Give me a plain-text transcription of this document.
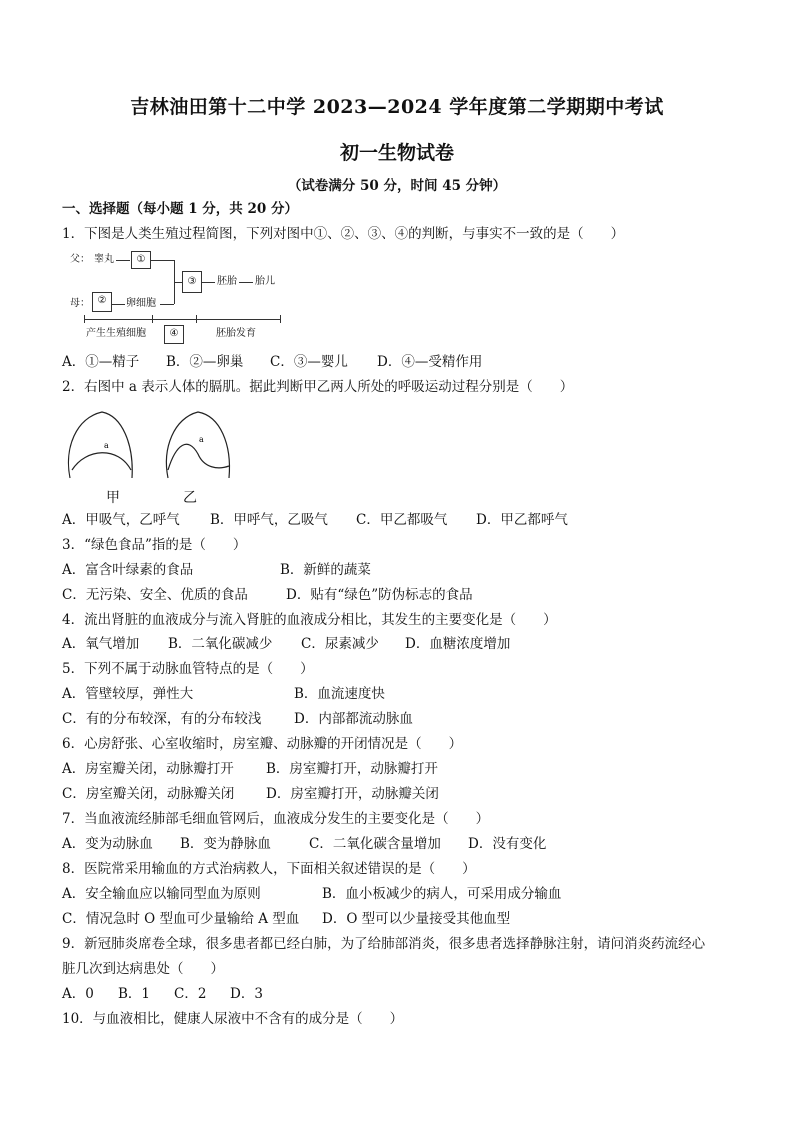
吉林油田第十二中学 2023—2024 学年度第二学期期中考试
初一生物试卷
（试卷满分 50 分，时间 45 分钟）
一、选择题（每小题 1 分，共 20 分）
1．下图是人类生殖过程简图，下列对图中①、②、③、④的判断，与事实不一致的是（　　）
父： 睾丸	①
母： ②	卵细胞
③	胚胎 胎儿
产生生殖细胞	④	胚胎发育
A．①—精子 B．②—卵巢 C．③—婴儿 D．④—受精作用
2．右图中 a 表示人体的膈肌。据此判断甲乙两人所处的呼吸运动过程分别是（　　）
a
a
甲	乙
A．甲吸气，乙呼气 B．甲呼气，乙吸气 C．甲乙都吸气 D．甲乙都呼气
3．“绿色食品”指的是（　　）
A．富含叶绿素的食品	B．新鲜的蔬菜
C．无污染、安全、优质的食品	D．贴有“绿色”防伪标志的食品
4．流出肾脏的血液成分与流入肾脏的血液成分相比，其发生的主要变化是（　　）
A．氧气增加 B．二氧化碳减少 C．尿素减少 D．血糖浓度增加
5．下列不属于动脉血管特点的是（　　）
A．管壁较厚，弹性大	B．血流速度快
C．有的分布较深，有的分布较浅 D．内部都流动脉血
6．心房舒张、心室收缩时，房室瓣、动脉瓣的开闭情况是（　　）
A．房室瓣关闭，动脉瓣打开 B．房室瓣打开，动脉瓣打开
C．房室瓣关闭，动脉瓣关闭 D．房室瓣打开，动脉瓣关闭
7．当血液流经肺部毛细血管网后，血液成分发生的主要变化是（　　）
A．变为动脉血 B．变为静脉血	C．二氧化碳含量增加 D．没有变化
8．医院常采用输血的方式治病救人，下面相关叙述错误的是（　　）
A．安全输血应以输同型血为原则	B．血小板减少的病人，可采用成分输血
C．情况急时 O 型血可少量输给 A 型血 D．O 型可以少量接受其他血型
9．新冠肺炎席卷全球，很多患者都已经白肺，为了给肺部消炎，很多患者选择静脉注射，请问消炎药流经心
脏几次到达病患处（　　）
A．0 B．1 C．2 D．3
10．与血液相比，健康人尿液中不含有的成分是（　　）
